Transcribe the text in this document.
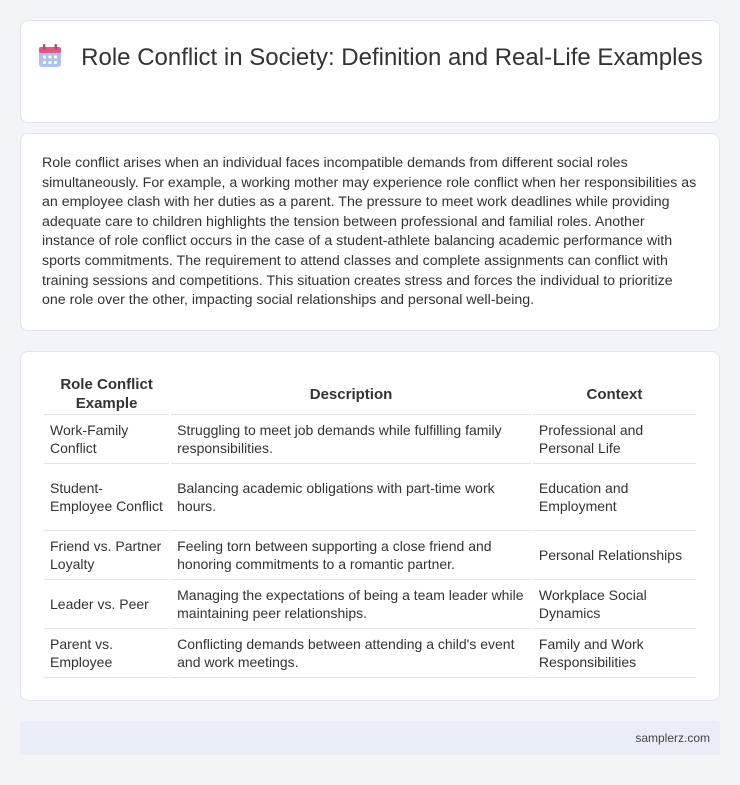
Role Conflict in Society: Definition and Real-Life Examples

Role conflict arises when an individual faces incompatible demands from different social roles simultaneously. For example, a working mother may experience role conflict when her responsibilities as an employee clash with her duties as a parent. The pressure to meet work deadlines while providing adequate care to children highlights the tension between professional and familial roles. Another instance of role conflict occurs in the case of a student-athlete balancing academic performance with sports commitments. The requirement to attend classes and complete assignments can conflict with training sessions and competitions. This situation creates stress and forces the individual to prioritize one role over the other, impacting social relationships and personal well-being.

Role Conflict Example	Description	Context
Work-Family Conflict	Struggling to meet job demands while fulfilling family responsibilities.	Professional and Personal Life
Student-Employee Conflict	Balancing academic obligations with part-time work hours.	Education and Employment
Friend vs. Partner Loyalty	Feeling torn between supporting a close friend and honoring commitments to a romantic partner.	Personal Relationships
Leader vs. Peer	Managing the expectations of being a team leader while maintaining peer relationships.	Workplace Social Dynamics
Parent vs. Employee	Conflicting demands between attending a child's event and work meetings.	Family and Work Responsibilities
samplerz.com
